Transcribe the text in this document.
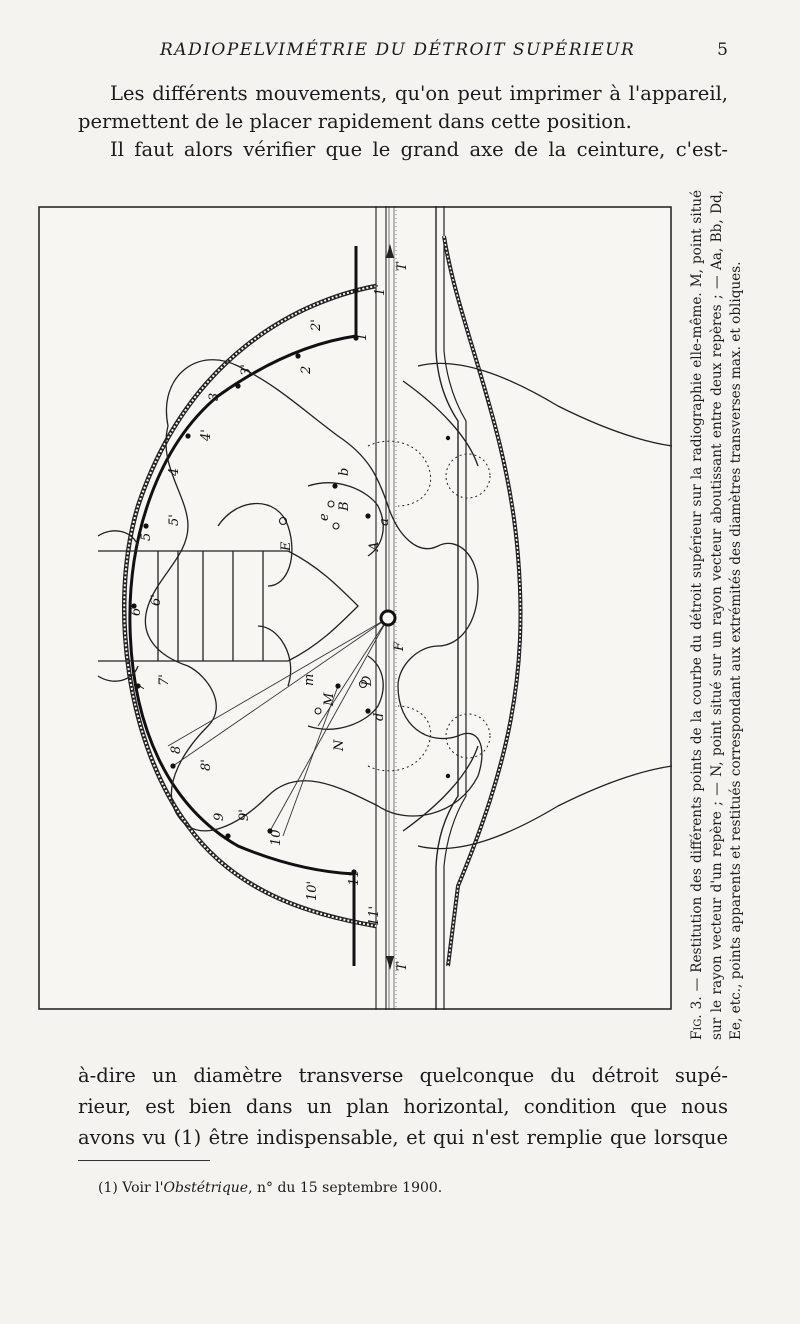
RADIOPELVIMÉTRIE DU DÉTROIT SUPÉRIEUR	5
Les différents mouvements, qu'on peut imprimer à l'appareil,
permettent de le placer rapidement dans cette position.
Il faut alors vérifier que le grand axe de la ceinture, c'est-
F
M
m
N
D
d
E
e
B
b
A
a
T
T
1
2
3
4
5
6
7
8
9
10
11
1'
2'
3'
4'
5'
6'
7'
8'
9'
10'
11'
Fig. 3. — Restitution des différents points de la courbe du détroit supérieur sur la radiographie elle-même. M, point situé sur le rayon vecteur d'un repère ; — N, point situé sur un rayon vecteur aboutissant entre deux repères ; — Aa, Bb, Dd, Ee, etc., points apparents et restitués correspondant aux extrémités des diamètres transverses max. et obliques.
à-dire un diamètre transverse quelconque du détroit supé-
rieur, est bien dans un plan horizontal, condition que nous
avons vu (1) être indispensable, et qui n'est remplie que lorsque
(1) Voir l'Obstétrique, n° du 15 septembre 1900.
